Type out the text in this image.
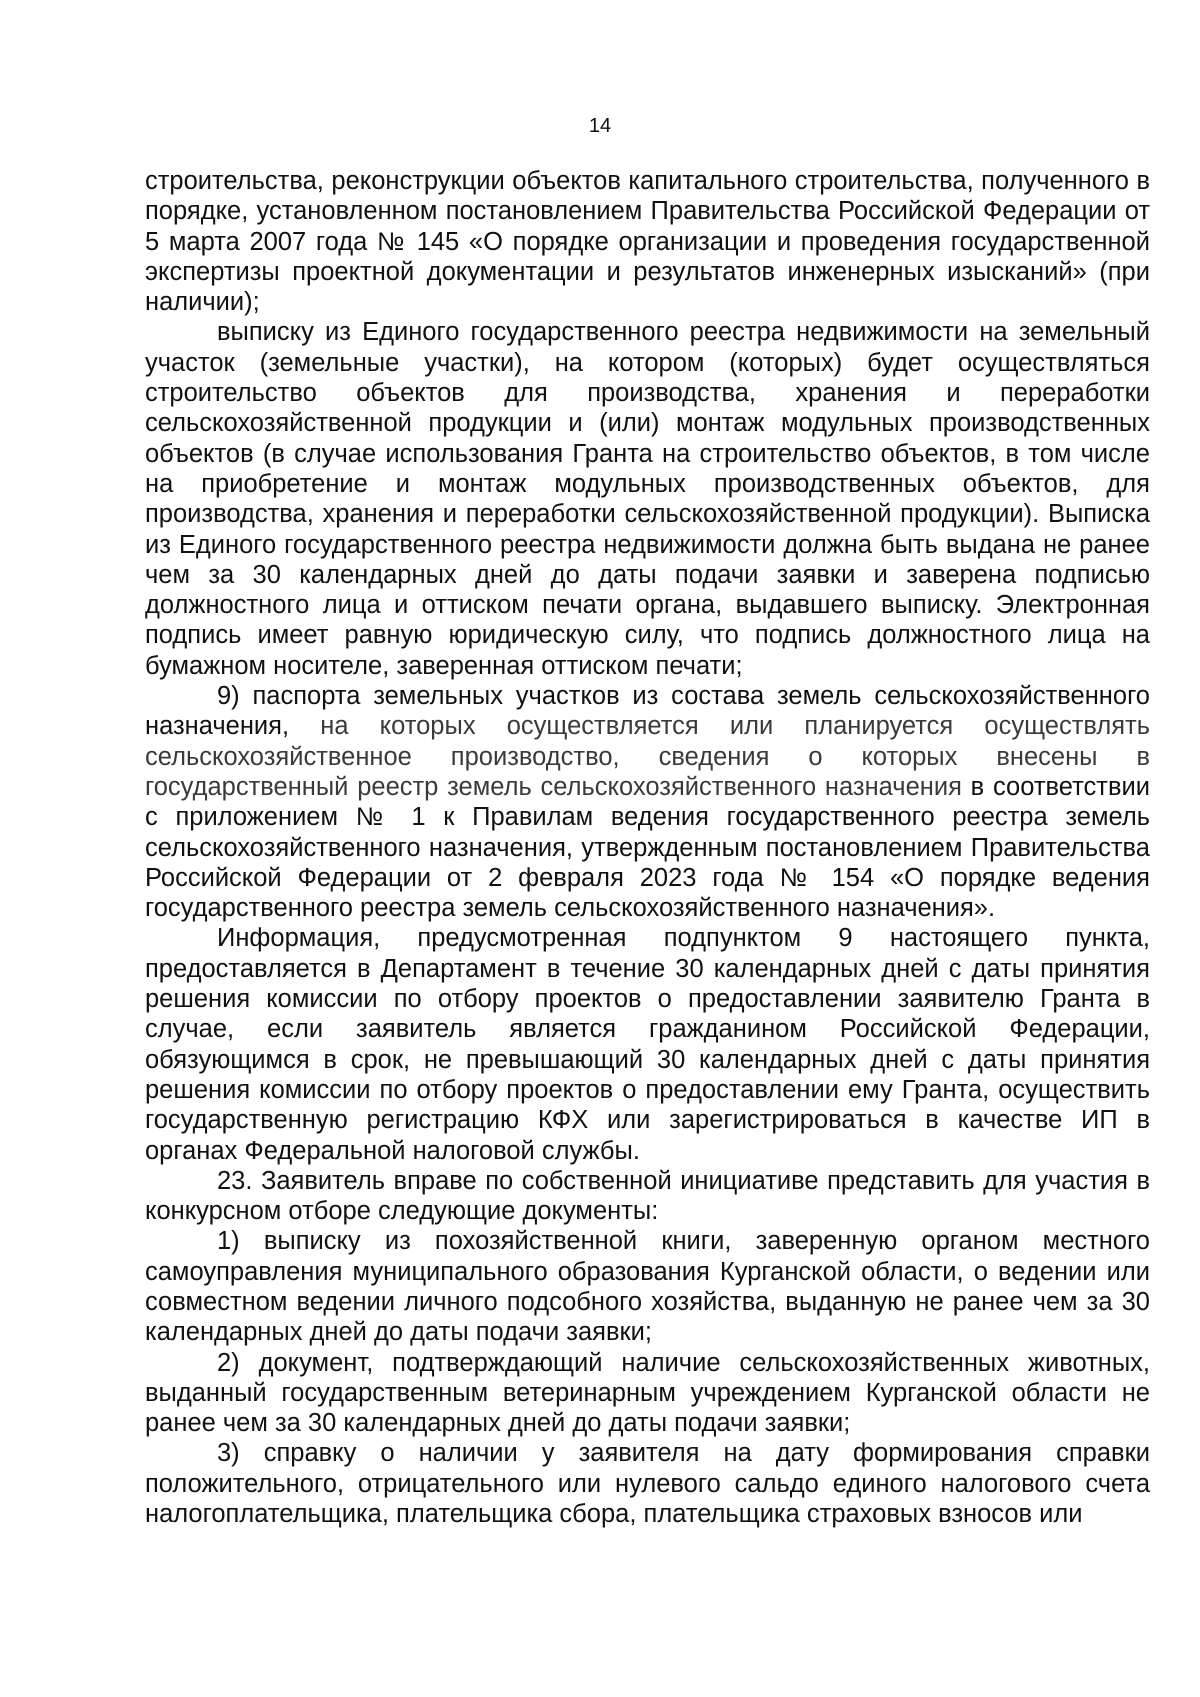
14

строительства, реконструкции объектов капитального строительства, полученного в порядке, установленном постановлением Правительства Российской Федерации от 5 марта 2007 года № 145 «О порядке организации и проведения государственной экспертизы проектной документации и результатов инженерных изысканий» (при наличии);

выписку из Единого государственного реестра недвижимости на земельный участок (земельные участки), на котором (которых) будет осуществляться строительство объектов для производства, хранения и переработки сельскохозяйственной продукции и (или) монтаж модульных производственных объектов (в случае использования Гранта на строительство объектов, в том числе на приобретение и монтаж модульных производственных объектов, для производства, хранения и переработки сельскохозяйственной продукции). Выписка из Единого государственного реестра недвижимости должна быть выдана не ранее чем за 30 календарных дней до даты подачи заявки и заверена подписью должностного лица и оттиском печати органа, выдавшего выписку. Электронная подпись имеет равную юридическую силу, что подпись должностного лица на бумажном носителе, заверенная оттиском печати;

9) паспорта земельных участков из состава земель сельскохозяйственного назначения, на которых осуществляется или планируется осуществлять сельскохозяйственное производство, сведения о которых внесены в государственный реестр земель сельскохозяйственного назначения в соответствии с приложением № 1 к Правилам ведения государственного реестра земель сельскохозяйственного назначения, утвержденным постановлением Правительства Российской Федерации от 2 февраля 2023 года № 154 «О порядке ведения государственного реестра земель сельскохозяйственного назначения».

Информация, предусмотренная подпунктом 9 настоящего пункта, предоставляется в Департамент в течение 30 календарных дней с даты принятия решения комиссии по отбору проектов о предоставлении заявителю Гранта в случае, если заявитель является гражданином Российской Федерации, обязующимся в срок, не превышающий 30 календарных дней с даты принятия решения комиссии по отбору проектов о предоставлении ему Гранта, осуществить государственную регистрацию КФХ или зарегистрироваться в качестве ИП в органах Федеральной налоговой службы.

23. Заявитель вправе по собственной инициативе представить для участия в конкурсном отборе следующие документы:

1) выписку из похозяйственной книги, заверенную органом местного самоуправления муниципального образования Курганской области, о ведении или совместном ведении личного подсобного хозяйства, выданную не ранее чем за 30 календарных дней до даты подачи заявки;

2) документ, подтверждающий наличие сельскохозяйственных животных, выданный государственным ветеринарным учреждением Курганской области не ранее чем за 30 календарных дней до даты подачи заявки;

3) справку о наличии у заявителя на дату формирования справки положительного, отрицательного или нулевого сальдо единого налогового счета налогоплательщика, плательщика сбора, плательщика страховых взносов или
